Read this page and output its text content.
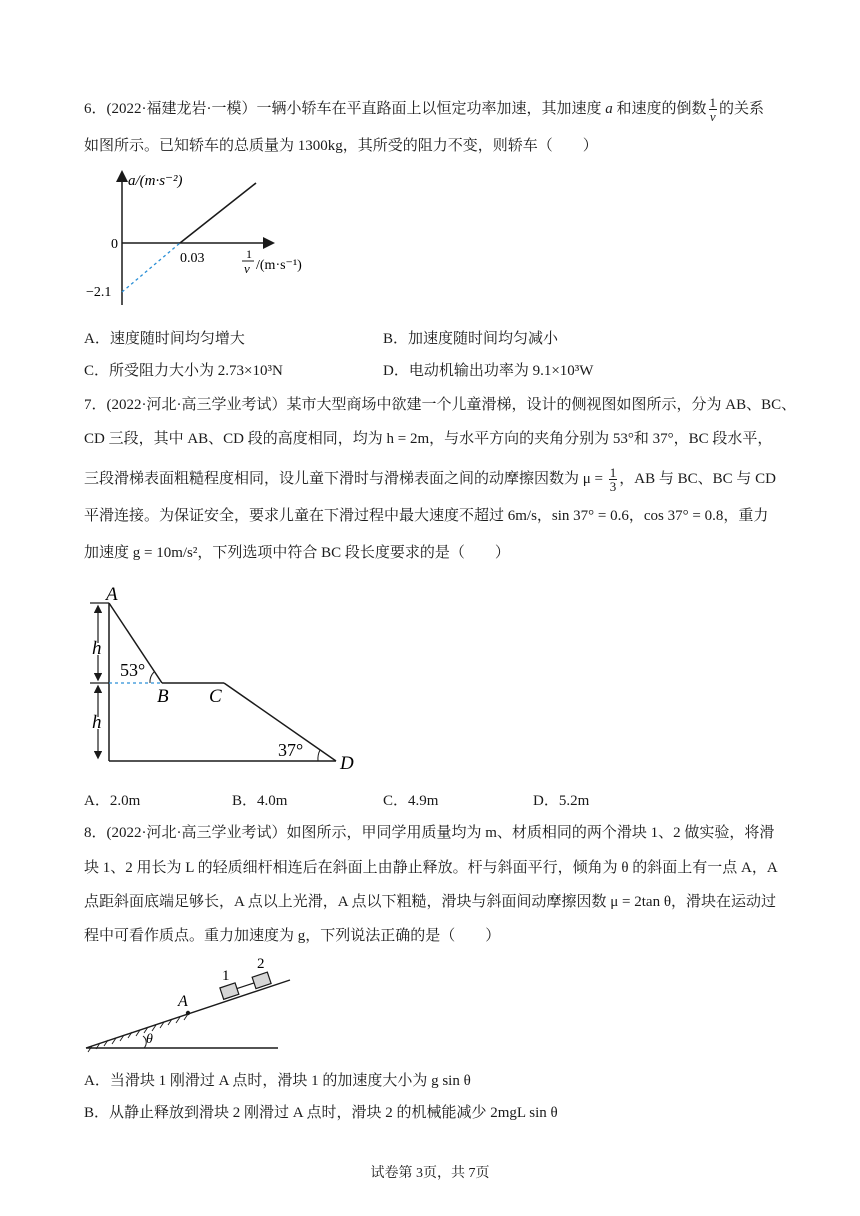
6．(2022·福建龙岩·一模）一辆小轿车在平直路面上以恒定功率加速，其加速度 a 和速度的倒数 $\frac{1}{v}$ 的关系
如图所示。已知轿车的总质量为 1300kg，其所受的阻力不变，则轿车（　　）
a/(m·s⁻²)
0
0.03
−2.1
1
v /(m·s⁻¹)
A．速度随时间均匀增大	B．加速度随时间均匀减小
C．所受阻力大小为 2.73×10³N	D．电动机输出功率为 9.1×10³W
7．(2022·河北·高三学业考试）某市大型商场中欲建一个儿童滑梯，设计的侧视图如图所示，分为 AB、BC、
CD 三段，其中 AB、CD 段的高度相同，均为 h = 2m，与水平方向的夹角分别为 53°和 37°，BC 段水平，
三段滑梯表面粗糙程度相同，设儿童下滑时与滑梯表面之间的动摩擦因数为 $\mu = \frac{1}{3}$ ，AB 与 BC、BC 与 CD
平滑连接。为保证安全，要求儿童在下滑过程中最大速度不超过 6m/s，sin 37° = 0.6，cos 37° = 0.8，重力
加速度 g = 10m/s²，下列选项中符合 BC 段长度要求的是（　　）
A
B C
D
h
h
53°
37°
A．2.0m	B．4.0m	C．4.9m	D．5.2m
8．(2022·河北·高三学业考试）如图所示，甲同学用质量均为 m、材质相同的两个滑块 1、2 做实验，将滑
块 1、2 用长为 L 的轻质细杆相连后在斜面上由静止释放。杆与斜面平行，倾角为 θ 的斜面上有一点 A，A
点距斜面底端足够长，A 点以上光滑，A 点以下粗糙，滑块与斜面间动摩擦因数 μ = 2tan θ，滑块在运动过
程中可看作质点。重力加速度为 g，下列说法正确的是（　　）
1
2
A
θ
A．当滑块 1 刚滑过 A 点时，滑块 1 的加速度大小为 g sin θ
B．从静止释放到滑块 2 刚滑过 A 点时，滑块 2 的机械能减少 2mgL sin θ
试卷第 3页，共 7页
